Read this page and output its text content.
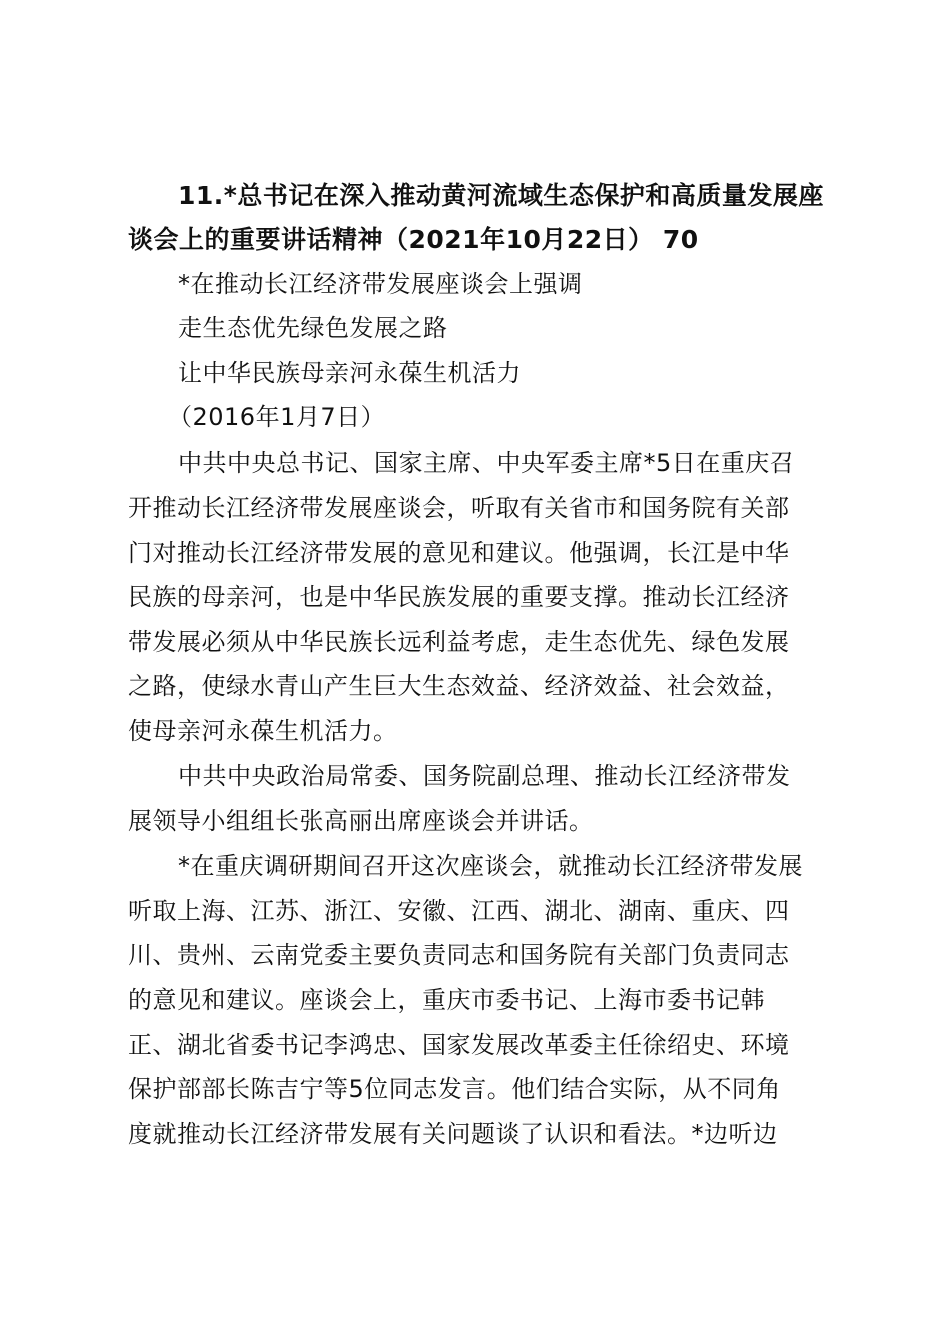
11.*总书记在深入推动黄河流域生态保护和高质量发展座
谈会上的重要讲话精神（2021年10月22日） 70
*在推动长江经济带发展座谈会上强调
走生态优先绿色发展之路
让中华民族母亲河永葆生机活力
（2016年1月7日）
中共中央总书记、国家主席、中央军委主席*5日在重庆召
开推动长江经济带发展座谈会，听取有关省市和国务院有关部
门对推动长江经济带发展的意见和建议。他强调，长江是中华
民族的母亲河，也是中华民族发展的重要支撑。推动长江经济
带发展必须从中华民族长远利益考虑，走生态优先、绿色发展
之路，使绿水青山产生巨大生态效益、经济效益、社会效益，
使母亲河永葆生机活力。
中共中央政治局常委、国务院副总理、推动长江经济带发
展领导小组组长张高丽出席座谈会并讲话。
*在重庆调研期间召开这次座谈会，就推动长江经济带发展
听取上海、江苏、浙江、安徽、江西、湖北、湖南、重庆、四
川、贵州、云南党委主要负责同志和国务院有关部门负责同志
的意见和建议。座谈会上，重庆市委书记、上海市委书记韩
正、湖北省委书记李鸿忠、国家发展改革委主任徐绍史、环境
保护部部长陈吉宁等5位同志发言。他们结合实际，从不同角
度就推动长江经济带发展有关问题谈了认识和看法。*边听边
